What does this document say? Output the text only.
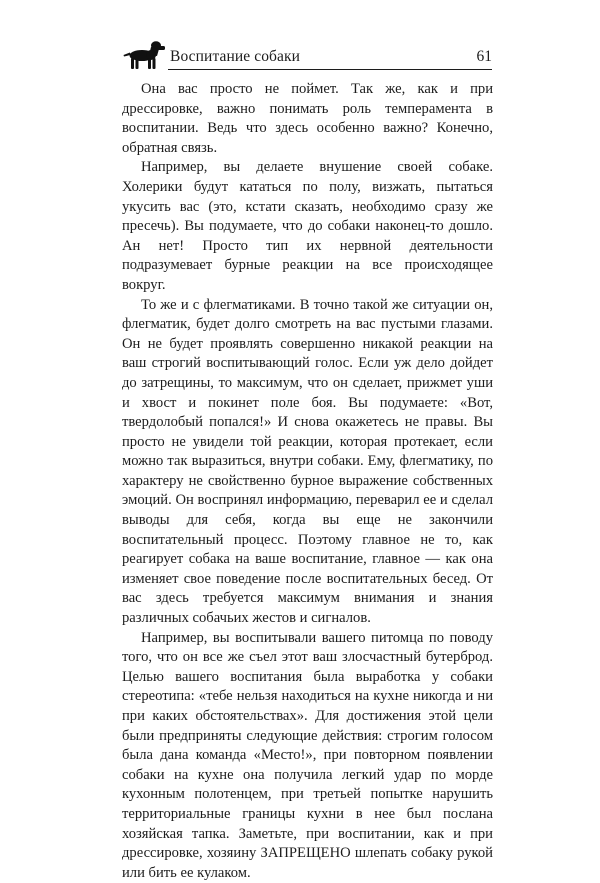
Воспитание собаки	61

Она вас просто не поймет. Так же, как и при дрессировке, важно понимать роль темперамента в воспитании. Ведь что здесь особенно важно? Конечно, обратная связь.

Например, вы делаете внушение своей собаке. Холерики будут кататься по полу, визжать, пытаться укусить вас (это, кстати сказать, необходимо сразу же пресечь). Вы подумаете, что до собаки наконец-то дошло. Ан нет! Просто тип их нервной деятельности подразумевает бурные реакции на все происходящее вокруг.

То же и с флегматиками. В точно такой же ситуации он, флегматик, будет долго смотреть на вас пустыми глазами. Он не будет проявлять совершенно никакой реакции на ваш строгий воспитывающий голос. Если уж дело дойдет до затрещины, то максимум, что он сделает, прижмет уши и хвост и покинет поле боя. Вы подумаете: «Вот, твердолобый попался!» И снова окажетесь не правы. Вы просто не увидели той реакции, которая протекает, если можно так выразиться, внутри собаки. Ему, флегматику, по характеру не свойственно бурное выражение собственных эмоций. Он воспринял информацию, переварил ее и сделал выводы для себя, когда вы еще не закончили воспитательный процесс. Поэтому главное не то, как реагирует собака на ваше воспитание, главное — как она изменяет свое поведение после воспитательных бесед. От вас здесь требуется максимум внимания и знания различных собачьих жестов и сигналов.

Например, вы воспитывали вашего питомца по поводу того, что он все же съел этот ваш злосчастный бутерброд. Целью вашего воспитания была выработка у собаки стереотипа: «тебе нельзя находиться на кухне никогда и ни при каких обстоятельствах». Для достижения этой цели были предприняты следующие действия: строгим голосом была дана команда «Место!», при повторном появлении собаки на кухне она получила легкий удар по морде кухонным полотенцем, при третьей попытке нарушить территориальные границы кухни в нее был послана хозяйская тапка. Заметьте, при воспитании, как и при дрессировке, хозяину ЗАПРЕЩЕНО шлепать собаку рукой или бить ее кулаком.
